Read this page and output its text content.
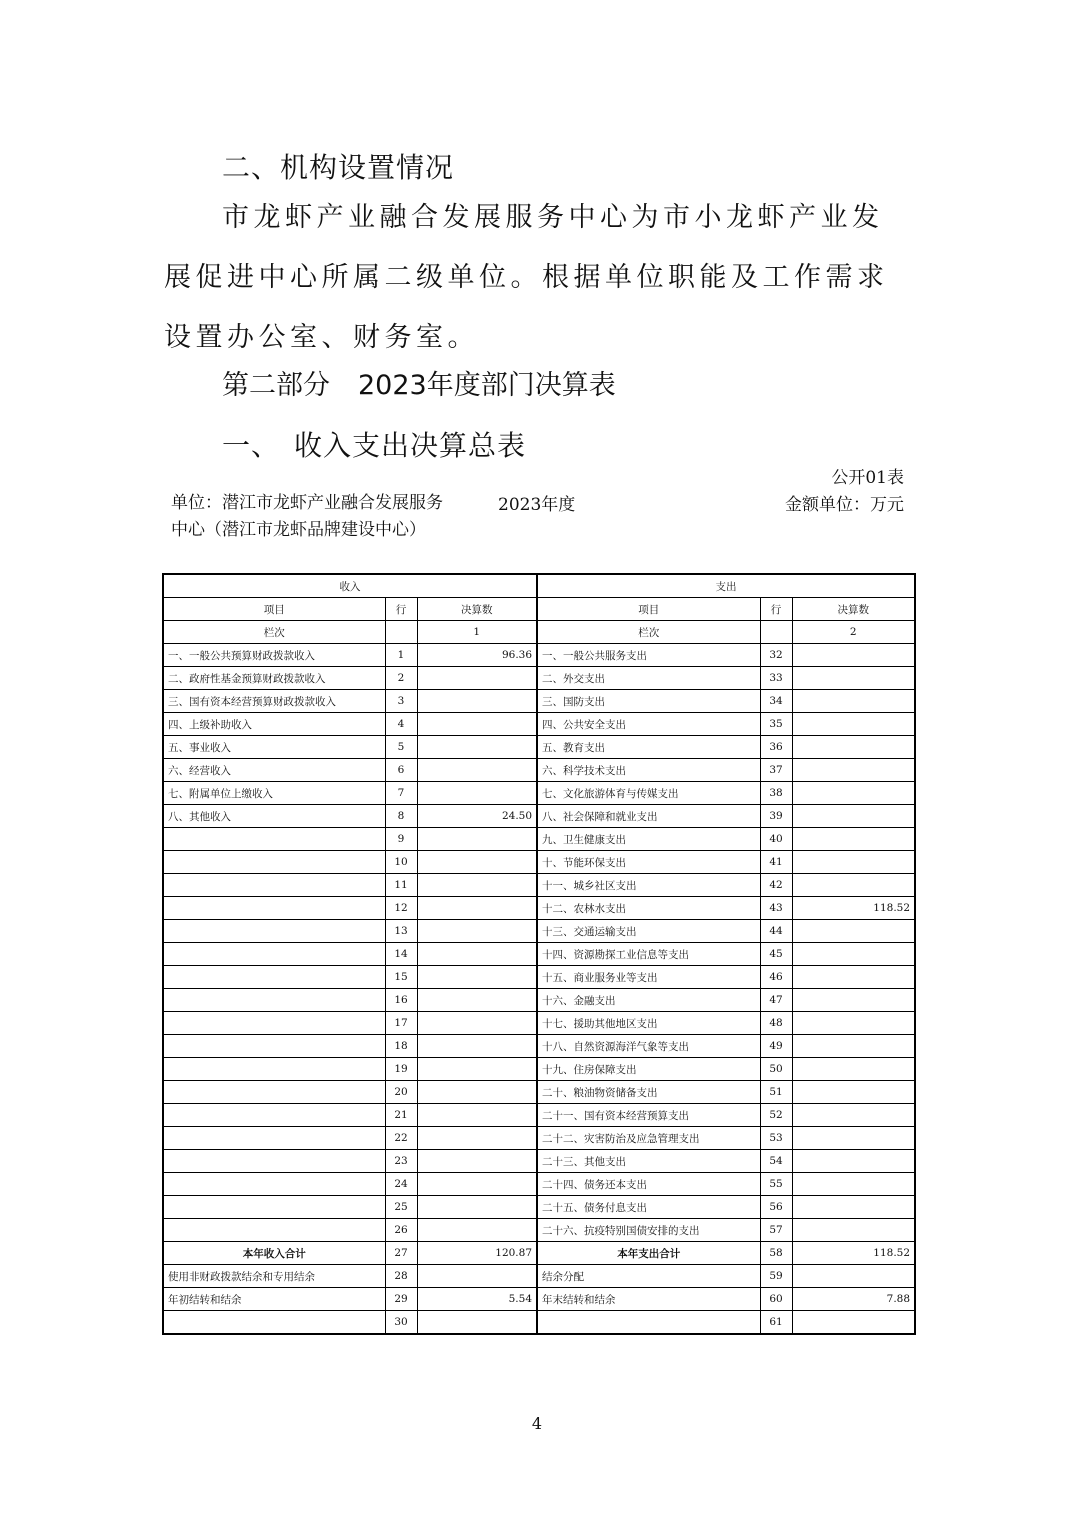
二、机构设置情况
市龙虾产业融合发展服务中心为市小龙虾产业发展促进中心所属二级单位。根据单位职能及工作需求设置办公室、财务室。
第二部分 2023年度部门决算表
一、 收入支出决算总表
公开01表
单位：潜江市龙虾产业融合发展服务中心（潜江市龙虾品牌建设中心）
2023年度	金额单位：万元
收入			支出		
项目	行	决算数	项目	行	决算数
栏次		1	栏次		2
一、一般公共预算财政拨款收入	1	96.36	一、一般公共服务支出	32	
二、政府性基金预算财政拨款收入	2		二、外交支出	33	
三、国有资本经营预算财政拨款收入	3		三、国防支出	34	
四、上级补助收入	4		四、公共安全支出	35	
五、事业收入	5		五、教育支出	36	
六、经营收入	6		六、科学技术支出	37	
七、附属单位上缴收入	7		七、文化旅游体育与传媒支出	38	
八、其他收入	8	24.50	八、社会保障和就业支出	39	
	9		九、卫生健康支出	40	
	10		十、节能环保支出	41	
	11		十一、城乡社区支出	42	
	12		十二、农林水支出	43	118.52
	13		十三、交通运输支出	44	
	14		十四、资源勘探工业信息等支出	45	
	15		十五、商业服务业等支出	46	
	16		十六、金融支出	47	
	17		十七、援助其他地区支出	48	
	18		十八、自然资源海洋气象等支出	49	
	19		十九、住房保障支出	50	
	20		二十、粮油物资储备支出	51	
	21		二十一、国有资本经营预算支出	52	
	22		二十二、灾害防治及应急管理支出	53	
	23		二十三、其他支出	54	
	24		二十四、债务还本支出	55	
	25		二十五、债务付息支出	56	
	26		二十六、抗疫特别国债安排的支出	57	
本年收入合计	27	120.87	本年支出合计	58	118.52
使用非财政拨款结余和专用结余	28		结余分配	59	
年初结转和结余	29	5.54	年末结转和结余	60	7.88
	30			61	
4
